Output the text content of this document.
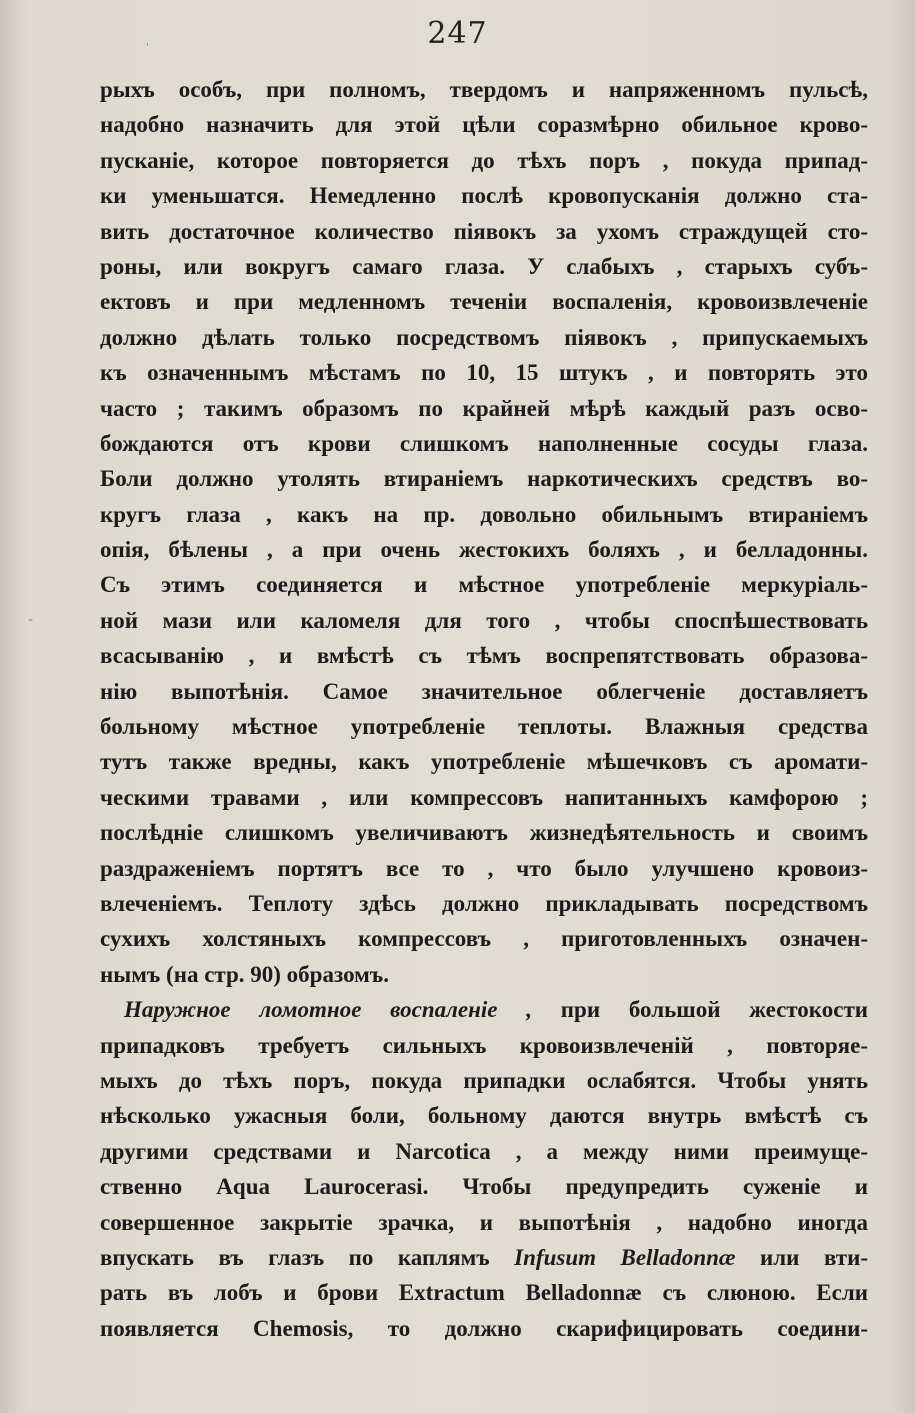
247
'
-
рыхъ особъ, при полномъ, твердомъ и напряженномъ пульсѣ,
надобно назначить для этой цѣли соразмѣрно обильное крово-
пусканіе, которое повторяется до тѣхъ поръ , покуда припад-
ки уменьшатся. Немедленно послѣ кровопусканія должно ста-
вить достаточное количество піявокъ за ухомъ страждущей сто-
роны, или вокругъ самаго глаза. У слабыхъ , старыхъ субъ-
ектовъ и при медленномъ теченіи воспаленія, кровоизвлеченіе
должно дѣлать только посредствомъ піявокъ , припускаемыхъ
къ означеннымъ мѣстамъ по 10, 15 штукъ , и повторять это
часто ; такимъ образомъ по крайней мѣрѣ каждый разъ осво-
бождаются отъ крови слишкомъ наполненные сосуды глаза.
Боли должно утолять втираніемъ наркотическихъ средствъ во-
кругъ глаза , какъ на пр. довольно обильнымъ втираніемъ
опія, бѣлены , а при очень жестокихъ боляхъ , и белладонны.
Съ этимъ соединяется и мѣстное употребленіе меркуріаль-
ной мази или каломеля для того , чтобы споспѣшествовать
всасыванію , и вмѣстѣ съ тѣмъ воспрепятствовать образова-
нію выпотѣнія. Самое значительное облегченіе доставляетъ
больному мѣстное употребленіе теплоты. Влажныя средства
тутъ также вредны, какъ употребленіе мѣшечковъ съ аромати-
ческими травами , или компрессовъ напитанныхъ камфорою ;
послѣдніе слишкомъ увеличиваютъ жизнедѣятельность и своимъ
раздраженіемъ портятъ все то , что было улучшено кровоиз-
влеченіемъ. Теплоту здѣсь должно прикладывать посредствомъ
сухихъ холстяныхъ компрессовъ , приготовленныхъ означен-
нымъ (на стр. 90) образомъ.
Наружное ломотное воспаленіе , при большой жестокости
припадковъ требуетъ сильныхъ кровоизвлеченій , повторяе-
мыхъ до тѣхъ поръ, покуда припадки ослабятся. Чтобы унять
нѣсколько ужасныя боли, больному даются внутрь вмѣстѣ съ
другими средствами и Narcotica , а между ними преимуще-
ственно Aqua Laurocerasi. Чтобы предупредить суженіе и
совершенное закрытіе зрачка, и выпотѣнія , надобно иногда
впускать въ глазъ по каплямъ Infusum Belladonnæ или вти-
рать въ лобъ и брови Extractum Belladonnæ съ слюною. Если
появляется Chemosis, то должно скарифицировать соедини-
